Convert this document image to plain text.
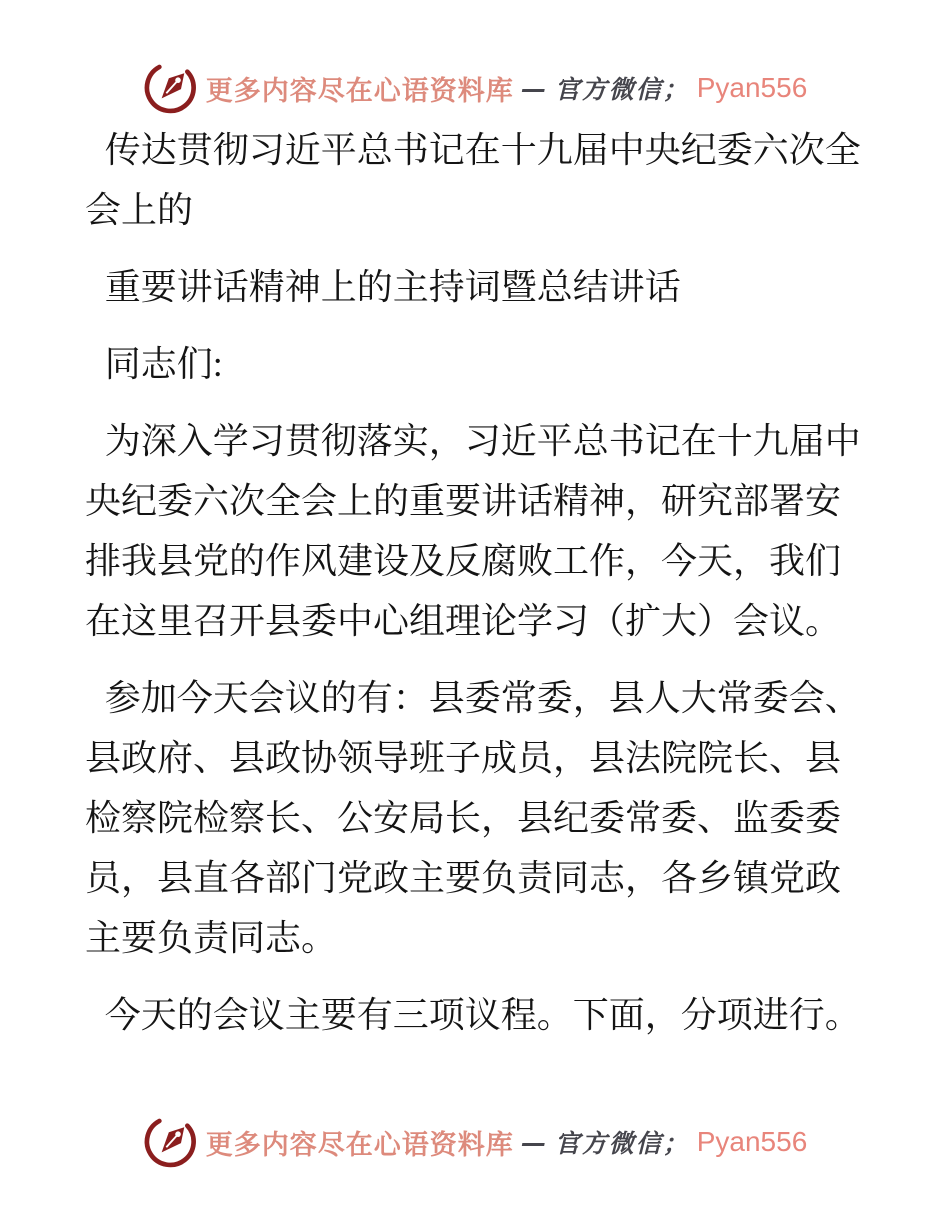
更多内容尽在心语资料库 — 官方微信； Pyan556

传达贯彻习近平总书记在十九届中央纪委六次全会上的

重要讲话精神上的主持词暨总结讲话

同志们:

为深入学习贯彻落实，习近平总书记在十九届中央纪委六次全会上的重要讲话精神，研究部署安排我县党的作风建设及反腐败工作，今天，我们在这里召开县委中心组理论学习（扩大）会议。

参加今天会议的有：县委常委，县人大常委会、县政府、县政协领导班子成员，县法院院长、县检察院检察长、公安局长，县纪委常委、监委委员，县直各部门党政主要负责同志，各乡镇党政主要负责同志。

今天的会议主要有三项议程。下面，分项进行。

更多内容尽在心语资料库 — 官方微信； Pyan556
